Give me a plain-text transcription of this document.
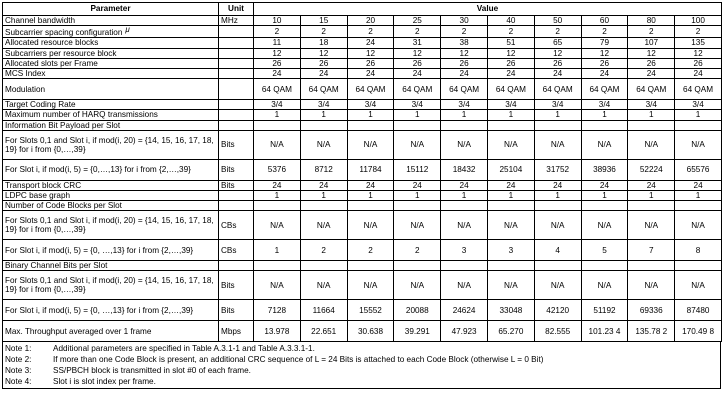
Parameter	Unit	Value									
Channel bandwidth	MHz	10	15	20	25	30	40	50	60	80	100
Subcarrier spacing configuration $^\mu$		2	2	2	2	2	2	2	2	2	2
Allocated resource blocks		11	18	24	31	38	51	65	79	107	135
Subcarriers per resource block		12	12	12	12	12	12	12	12	12	12
Allocated slots per Frame		26	26	26	26	26	26	26	26	26	26
MCS Index		24	24	24	24	24	24	24	24	24	24
Modulation		64 QAM	64 QAM	64 QAM	64 QAM	64 QAM	64 QAM	64 QAM	64 QAM	64 QAM	64 QAM
Target Coding Rate		3/4	3/4	3/4	3/4	3/4	3/4	3/4	3/4	3/4	3/4
Maximum number of HARQ transmissions		1	1	1	1	1	1	1	1	1	1
Information Bit Payload per Slot											
For Slots 0,1 and Slot i, if mod(i, 20) = {14, 15, 16, 17, 18, 19} for i from {0,…,39}	Bits	N/A	N/A	N/A	N/A	N/A	N/A	N/A	N/A	N/A	N/A
For Slot i, if mod(i, 5) = {0,…,13} for i from {2,…,39}	Bits	5376	8712	11784	15112	18432	25104	31752	38936	52224	65576
Transport block CRC	Bits	24	24	24	24	24	24	24	24	24	24
LDPC base graph		1	1	1	1	1	1	1	1	1	1
Number of Code Blocks per Slot											
For Slots 0,1 and Slot i, if mod(i, 20) = {14, 15, 16, 17, 18, 19} for i from {0,…,39}	CBs	N/A	N/A	N/A	N/A	N/A	N/A	N/A	N/A	N/A	N/A
For Slot i, if mod(i, 5) = {0, …,13} for i from {2,…,39}	CBs	1	2	2	2	3	3	4	5	7	8
Binary Channel Bits per Slot											
For Slots 0,1 and Slot i, if mod(i, 20) = {14, 15, 16, 17, 18, 19} for i from {0,…,39}	Bits	N/A	N/A	N/A	N/A	N/A	N/A	N/A	N/A	N/A	N/A
For Slot i, if mod(i, 5) = {0, …,13} for i from {2,…,39}	Bits	7128	11664	15552	20088	24624	33048	42120	51192	69336	87480
Max. Throughput averaged over 1 frame	Mbps	13.978	22.651	30.638	39.291	47.923	65.270	82.555	101.23 4	135.78 2	170.49 8
Note 1:	Additional parameters are specified in Table A.3.1-1 and Table A.3.3.1-1.
Note 2:	If more than one Code Block is present, an additional CRC sequence of L = 24 Bits is attached to each Code Block (otherwise L = 0 Bit)
Note 3:	SS/PBCH block is transmitted in slot #0 of each frame.
Note 4:	Slot i is slot index per frame.
